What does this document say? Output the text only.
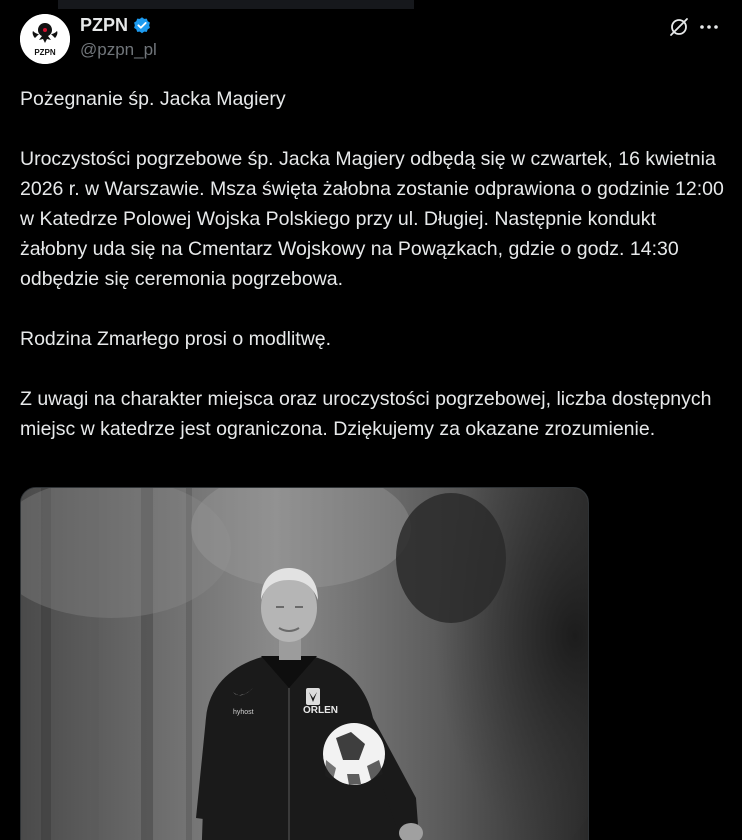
PZPN
PZPN
@pzpn_pl

Pożegnanie śp. Jacka Magiery

Uroczystości pogrzebowe śp. Jacka Magiery odbędą się w czwartek, 16 kwietnia 2026 r. w Warszawie. Msza święta żałobna zostanie odprawiona o godzinie 12:00 w Katedrze Polowej Wojska Polskiego przy ul. Długiej. Następnie kondukt żałobny uda się na Cmentarz Wojskowy na Powązkach, gdzie o godz. 14:30 odbędzie się ceremonia pogrzebowa.

Rodzina Zmarłego prosi o modlitwę.

Z uwagi na charakter miejsca oraz uroczystości pogrzebowej, liczba dostępnych miejsc w katedrze jest ograniczona. Dziękujemy za okazane zrozumienie.

ORLEN
hyhost
